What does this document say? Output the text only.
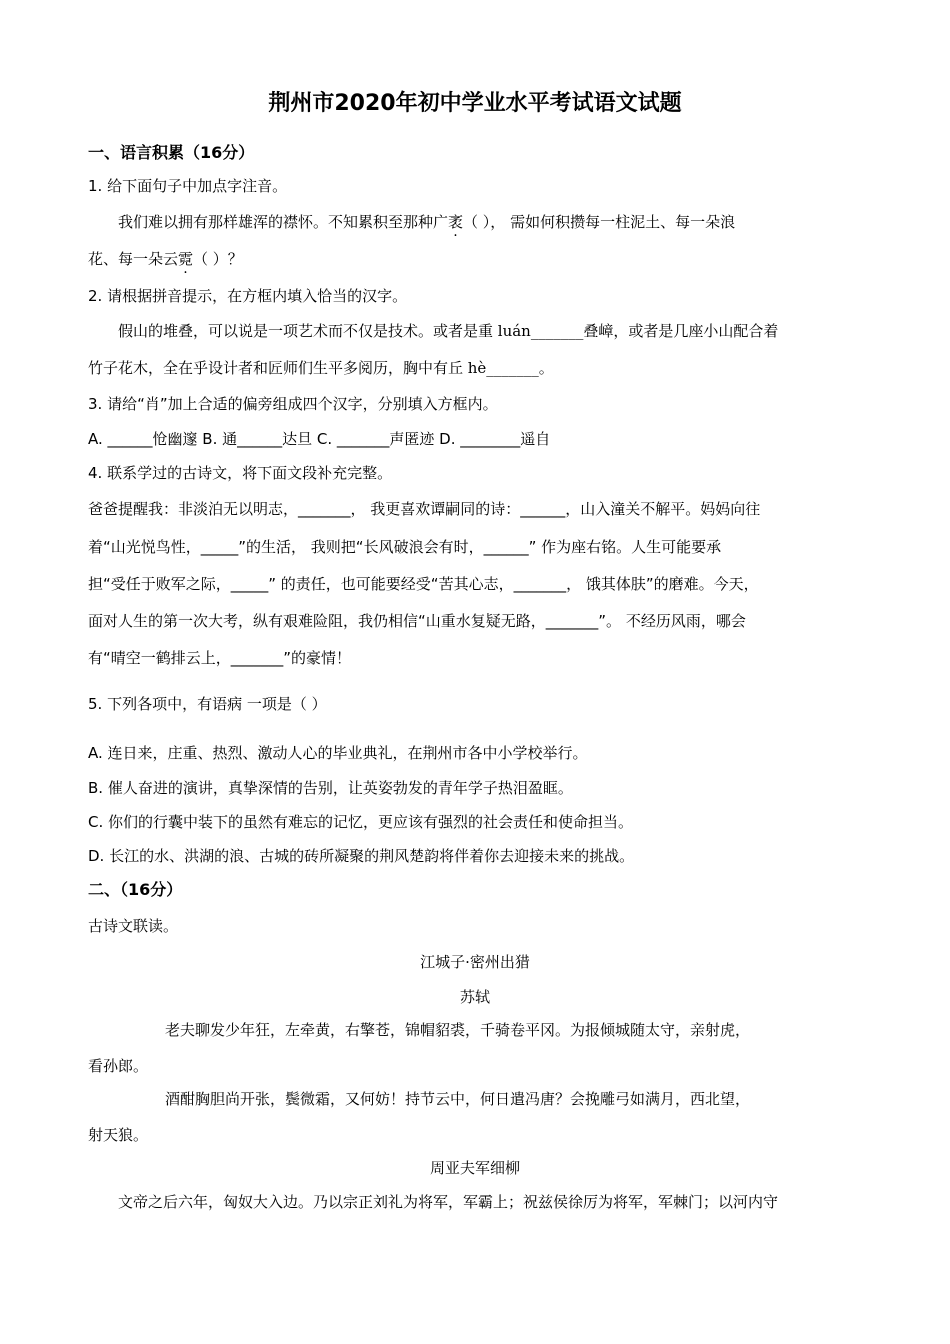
荆州市2020年初中学业水平考试语文试题
一、语言积累（16分）
1. 给下面句子中加点字注音。
我们难以拥有那样雄浑的襟怀。不知累积至那种广袤（ ）， 需如何积攒每一柱泥土、每一朵浪
花、每一朵云霓（ ）？
2. 请根据拼音提示，在方框内填入恰当的汉字。
假山的堆叠，可以说是一项艺术而不仅是技术。或者是重 luán_______叠嶂，或者是几座小山配合着
竹子花木，全在乎设计者和匠师们生平多阅历，胸中有丘 hè_______。
3. 请给“肖”加上合适的偏旁组成四个汉字，分别填入方框内。
A. ______怆幽邃 B. 通______达旦 C. _______声匿迹 D. ________遥自
4. 联系学过的古诗文，将下面文段补充完整。
爸爸提醒我：非淡泊无以明志，_______， 我更喜欢谭嗣同的诗：______，山入潼关不解平。妈妈向往
着“山光悦鸟性，_____”的生活， 我则把“长风破浪会有时，______” 作为座右铭。人生可能要承
担“受任于败军之际，_____” 的责任，也可能要经受“苦其心志，_______， 饿其体肤”的磨难。今天，
面对人生的第一次大考，纵有艰难险阻，我仍相信“山重水复疑无路，_______”。 不经历风雨，哪会
有“晴空一鹤排云上，_______”的豪情！
5. 下列各项中，有语病 一项是（ ）
A. 连日来，庄重、热烈、激动人心的毕业典礼，在荆州市各中小学校举行。
B. 催人奋进的演讲，真挚深情的告别，让英姿勃发的青年学子热泪盈眶。
C. 你们的行囊中装下的虽然有难忘的记忆，更应该有强烈的社会责任和使命担当。
D. 长江的水、洪湖的浪、古城的砖所凝聚的荆风楚韵将伴着你去迎接未来的挑战。
二、（16分）
古诗文联读。
江城子·密州出猎
苏轼
老夫聊发少年狂，左牵黄，右擎苍，锦帽貂裘，千骑卷平冈。为报倾城随太守，亲射虎，
看孙郎。
酒酣胸胆尚开张，鬓微霜，又何妨！持节云中，何日遣冯唐？会挽雕弓如满月，西北望，
射天狼。
周亚夫军细柳
文帝之后六年，匈奴大入边。乃以宗正刘礼为将军，军霸上；祝兹侯徐厉为将军，军棘门；以河内守
